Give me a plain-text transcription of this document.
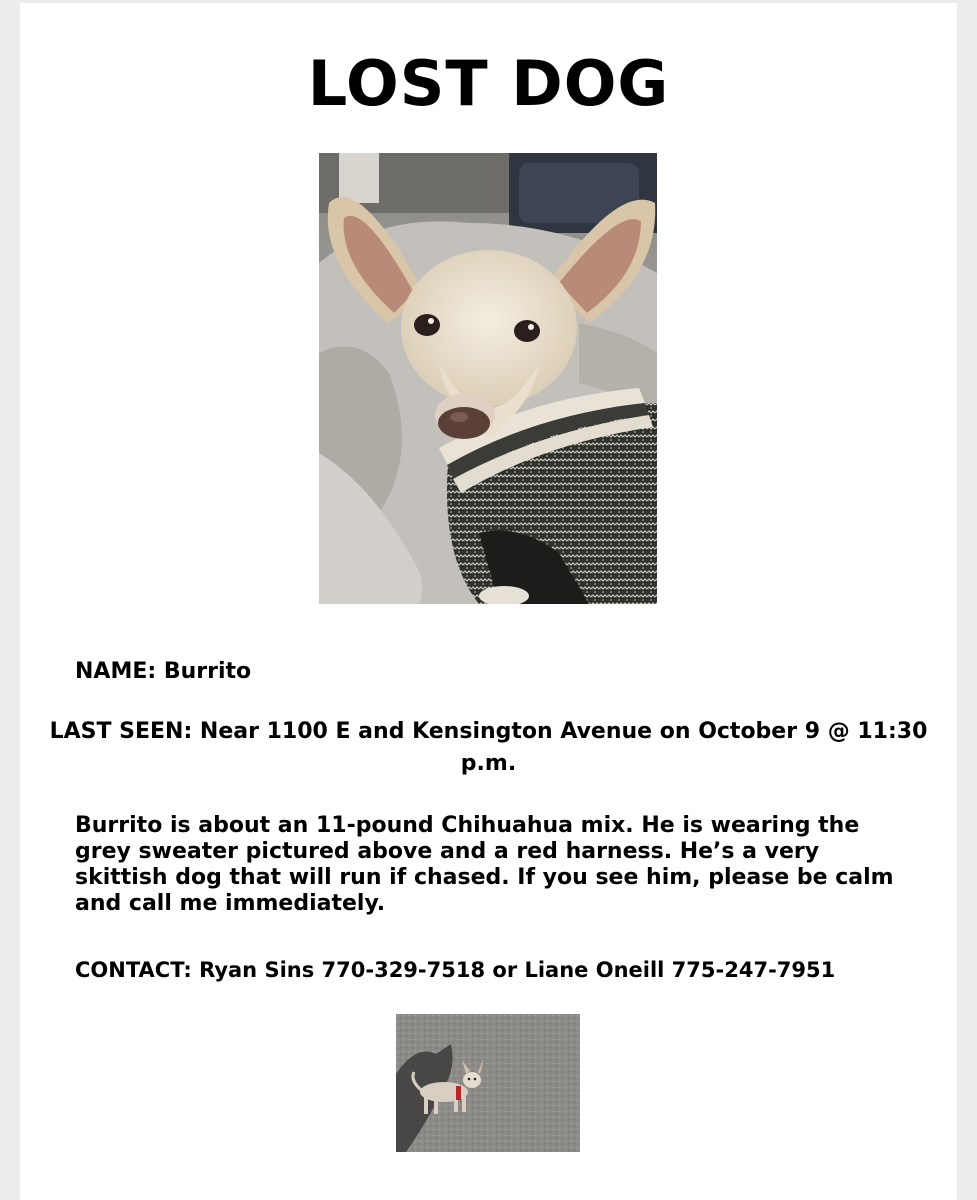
LOST DOG
NAME: Burrito
LAST SEEN: Near 1100 E and Kensington Avenue on October 9 @ 11:30 p.m.
Burrito is about an 11-pound Chihuahua mix. He is wearing the grey sweater pictured above and a red harness. He’s a very skittish dog that will run if chased. If you see him, please be calm and call me immediately.
CONTACT: Ryan Sins 770-329-7518 or Liane Oneill 775-247-7951
